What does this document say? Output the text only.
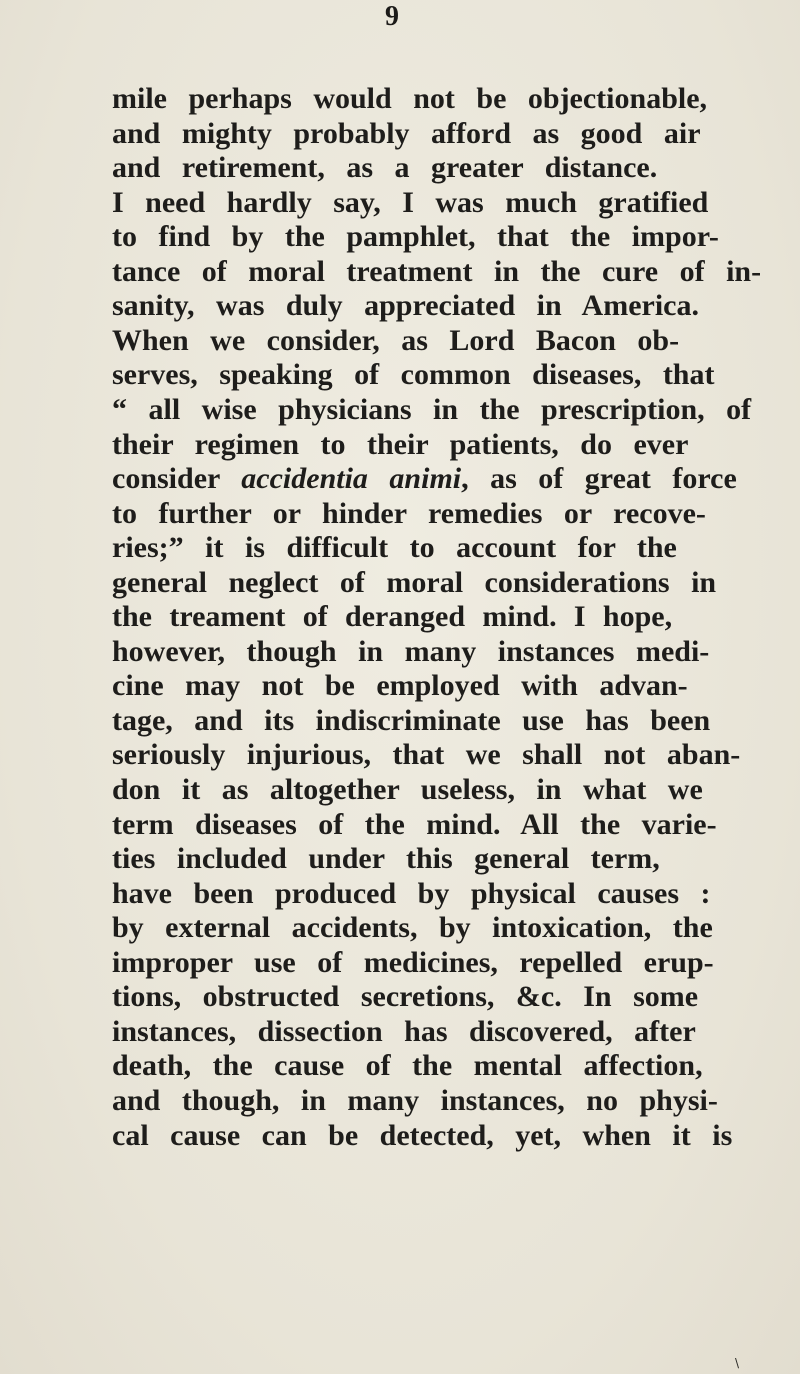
9
mile perhaps would not be objectionable,
and mighty probably afford as good air
and retirement, as a greater distance.
I need hardly say, I was much gratified
to find by the pamphlet, that the impor-
tance of moral treatment in the cure of in-
sanity, was duly appreciated in America.
When we consider, as Lord Bacon ob-
serves, speaking of common diseases, that
“ all wise physicians in the prescription, of
their regimen to their patients, do ever
consider accidentia animi, as of great force
to further or hinder remedies or recove-
ries;” it is difficult to account for the
general neglect of moral considerations in
the treament of deranged mind. I hope,
however, though in many instances medi-
cine may not be employed with advan-
tage, and its indiscriminate use has been
seriously injurious, that we shall not aban-
don it as altogether useless, in what we
term diseases of the mind. All the varie-
ties included under this general term,
have been produced by physical causes :
by external accidents, by intoxication, the
improper use of medicines, repelled erup-
tions, obstructed secretions, &c. In some
instances, dissection has discovered, after
death, the cause of the mental affection,
and though, in many instances, no physi-
cal cause can be detected, yet, when it is
\
